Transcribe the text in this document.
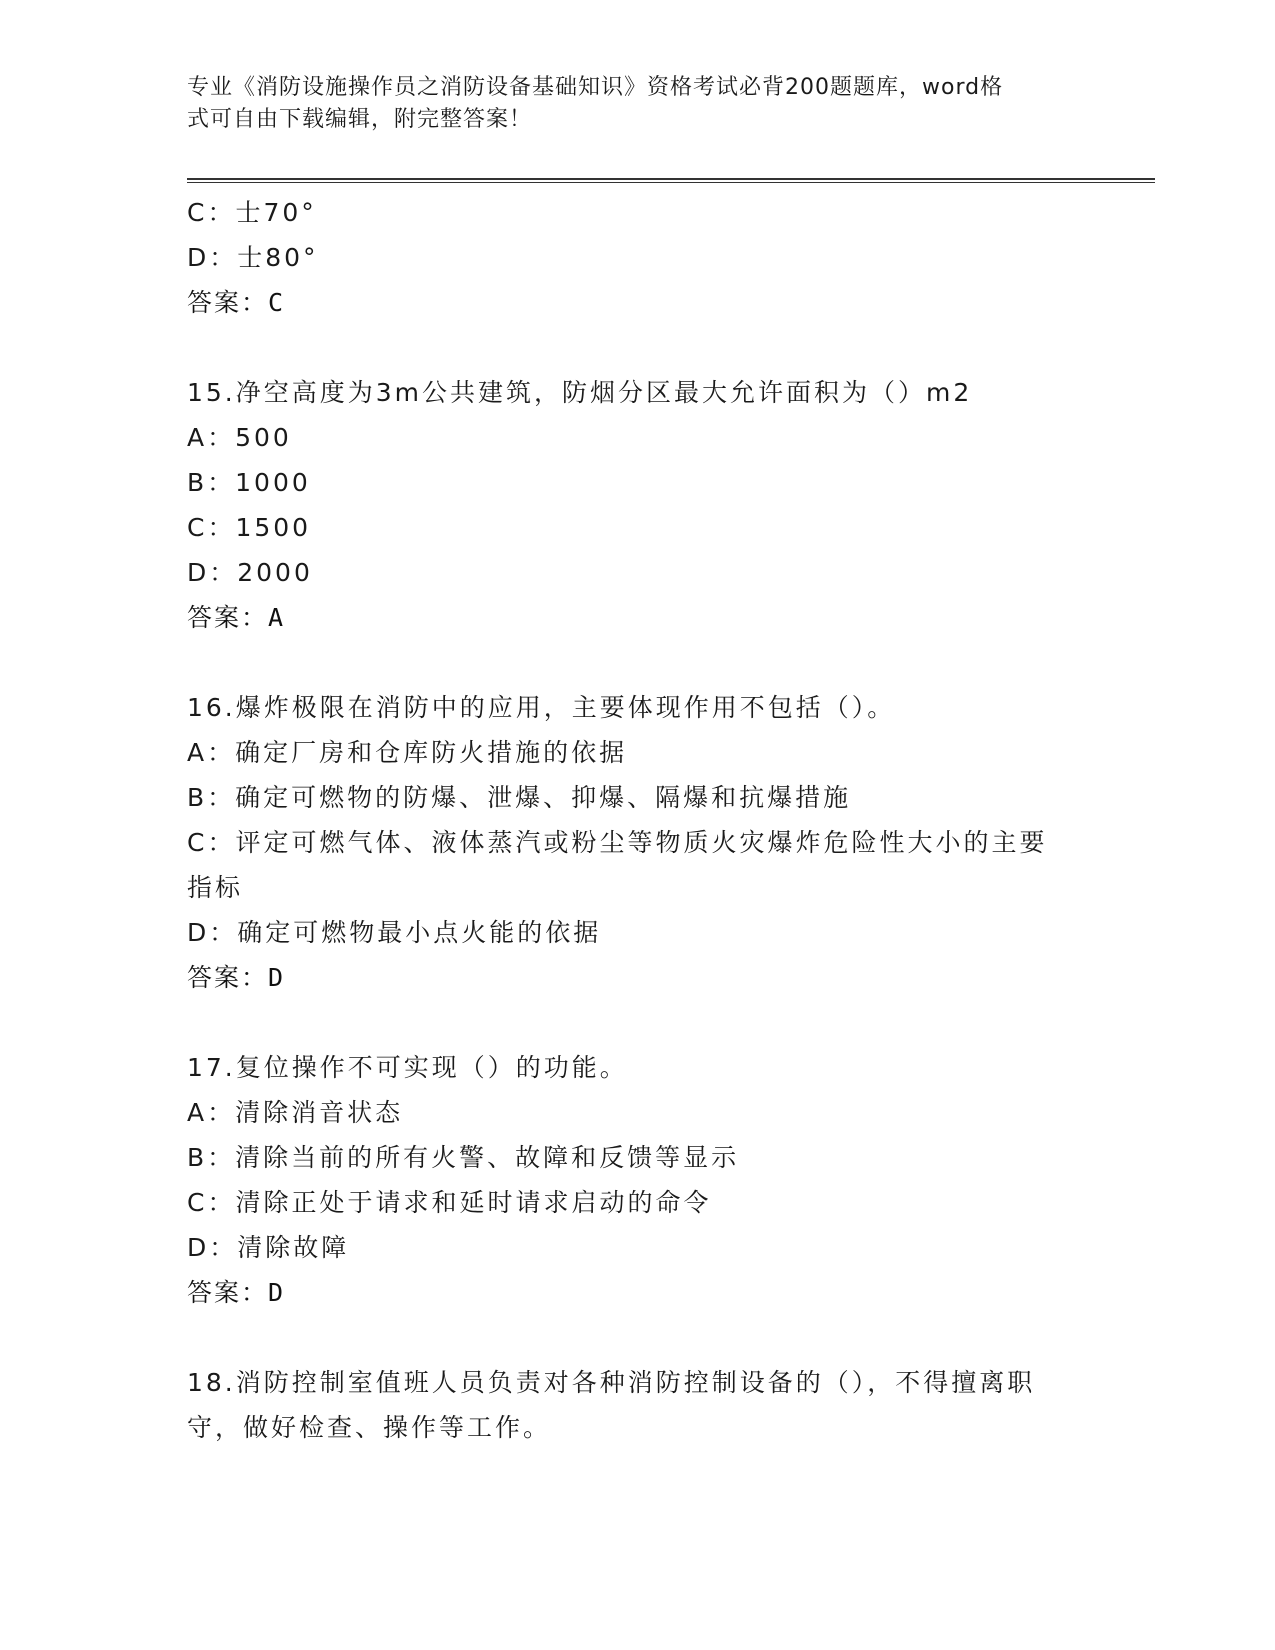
专业《消防设施操作员之消防设备基础知识》资格考试必背200题题库，word格
式可自由下载编辑，附完整答案！
C：士70°
D：士80°
答案：C
15.净空高度为3m公共建筑，防烟分区最大允许面积为（）m2
A：500
B：1000
C：1500
D：2000
答案：A
16.爆炸极限在消防中的应用，主要体现作用不包括（）。
A：确定厂房和仓库防火措施的依据
B：确定可燃物的防爆、泄爆、抑爆、隔爆和抗爆措施
C：评定可燃气体、液体蒸汽或粉尘等物质火灾爆炸危险性大小的主要
指标
D：确定可燃物最小点火能的依据
答案：D
17.复位操作不可实现（）的功能。
A：清除消音状态
B：清除当前的所有火警、故障和反馈等显示
C：清除正处于请求和延时请求启动的命令
D：清除故障
答案：D
18.消防控制室值班人员负责对各种消防控制设备的（），不得擅离职
守，做好检查、操作等工作。
